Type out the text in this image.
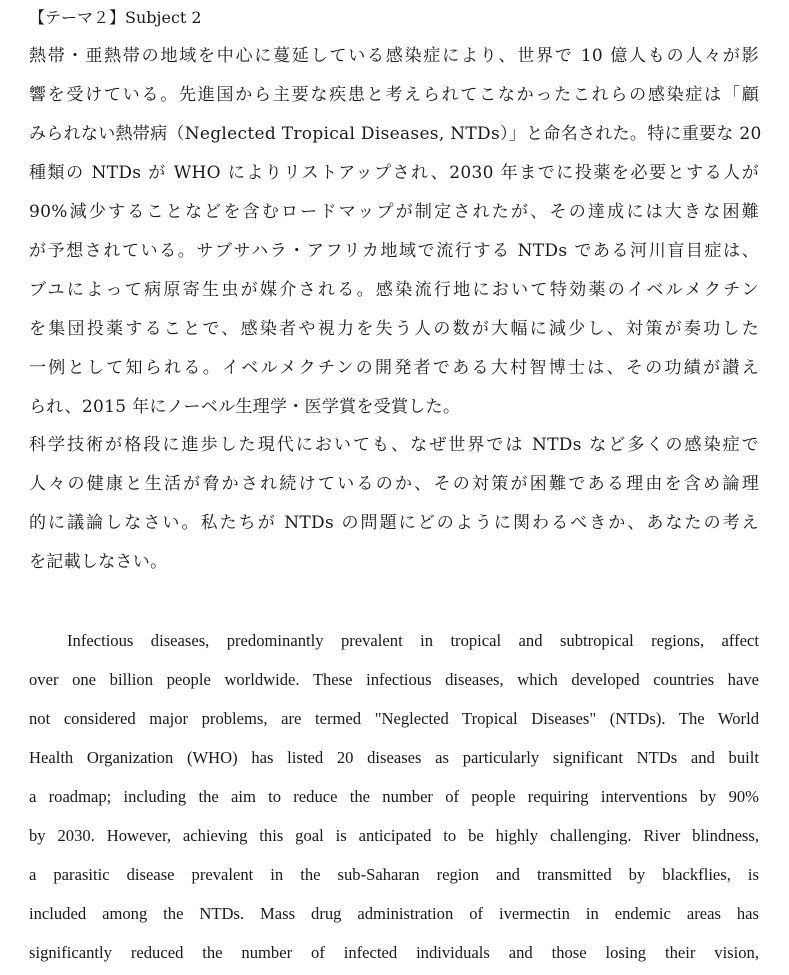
【テーマ２】Subject 2
熱帯・亜熱帯の地域を中心に蔓延している感染症により、世界で 10 億人もの人々が影
響を受けている。先進国から主要な疾患と考えられてこなかったこれらの感染症は「顧
みられない熱帯病（Neglected Tropical Diseases, NTDs）」と命名された。特に重要な 20
種類の NTDs が WHO によりリストアップされ、2030 年までに投薬を必要とする人が
90%減少することなどを含むロードマップが制定されたが、その達成には大きな困難
が予想されている。サブサハラ・アフリカ地域で流行する NTDs である河川盲目症は、
ブユによって病原寄生虫が媒介される。感染流行地において特効薬のイベルメクチン
を集団投薬することで、感染者や視力を失う人の数が大幅に減少し、対策が奏功した
一例として知られる。イベルメクチンの開発者である大村智博士は、その功績が讃え
られ、2015 年にノーベル生理学・医学賞を受賞した。
科学技術が格段に進歩した現代においても、なぜ世界では NTDs など多くの感染症で
人々の健康と生活が脅かされ続けているのか、その対策が困難である理由を含め論理
的に議論しなさい。私たちが NTDs の問題にどのように関わるべきか、あなたの考え
を記載しなさい。
Infectious diseases, predominantly prevalent in tropical and subtropical regions, affect
over one billion people worldwide. These infectious diseases, which developed countries have
not considered major problems, are termed "Neglected Tropical Diseases" (NTDs). The World
Health Organization (WHO) has listed 20 diseases as particularly significant NTDs and built
a roadmap; including the aim to reduce the number of people requiring interventions by 90%
by 2030. However, achieving this goal is anticipated to be highly challenging. River blindness,
a parasitic disease prevalent in the sub-Saharan region and transmitted by blackflies, is
included among the NTDs. Mass drug administration of ivermectin in endemic areas has
significantly reduced the number of infected individuals and those losing their vision,
